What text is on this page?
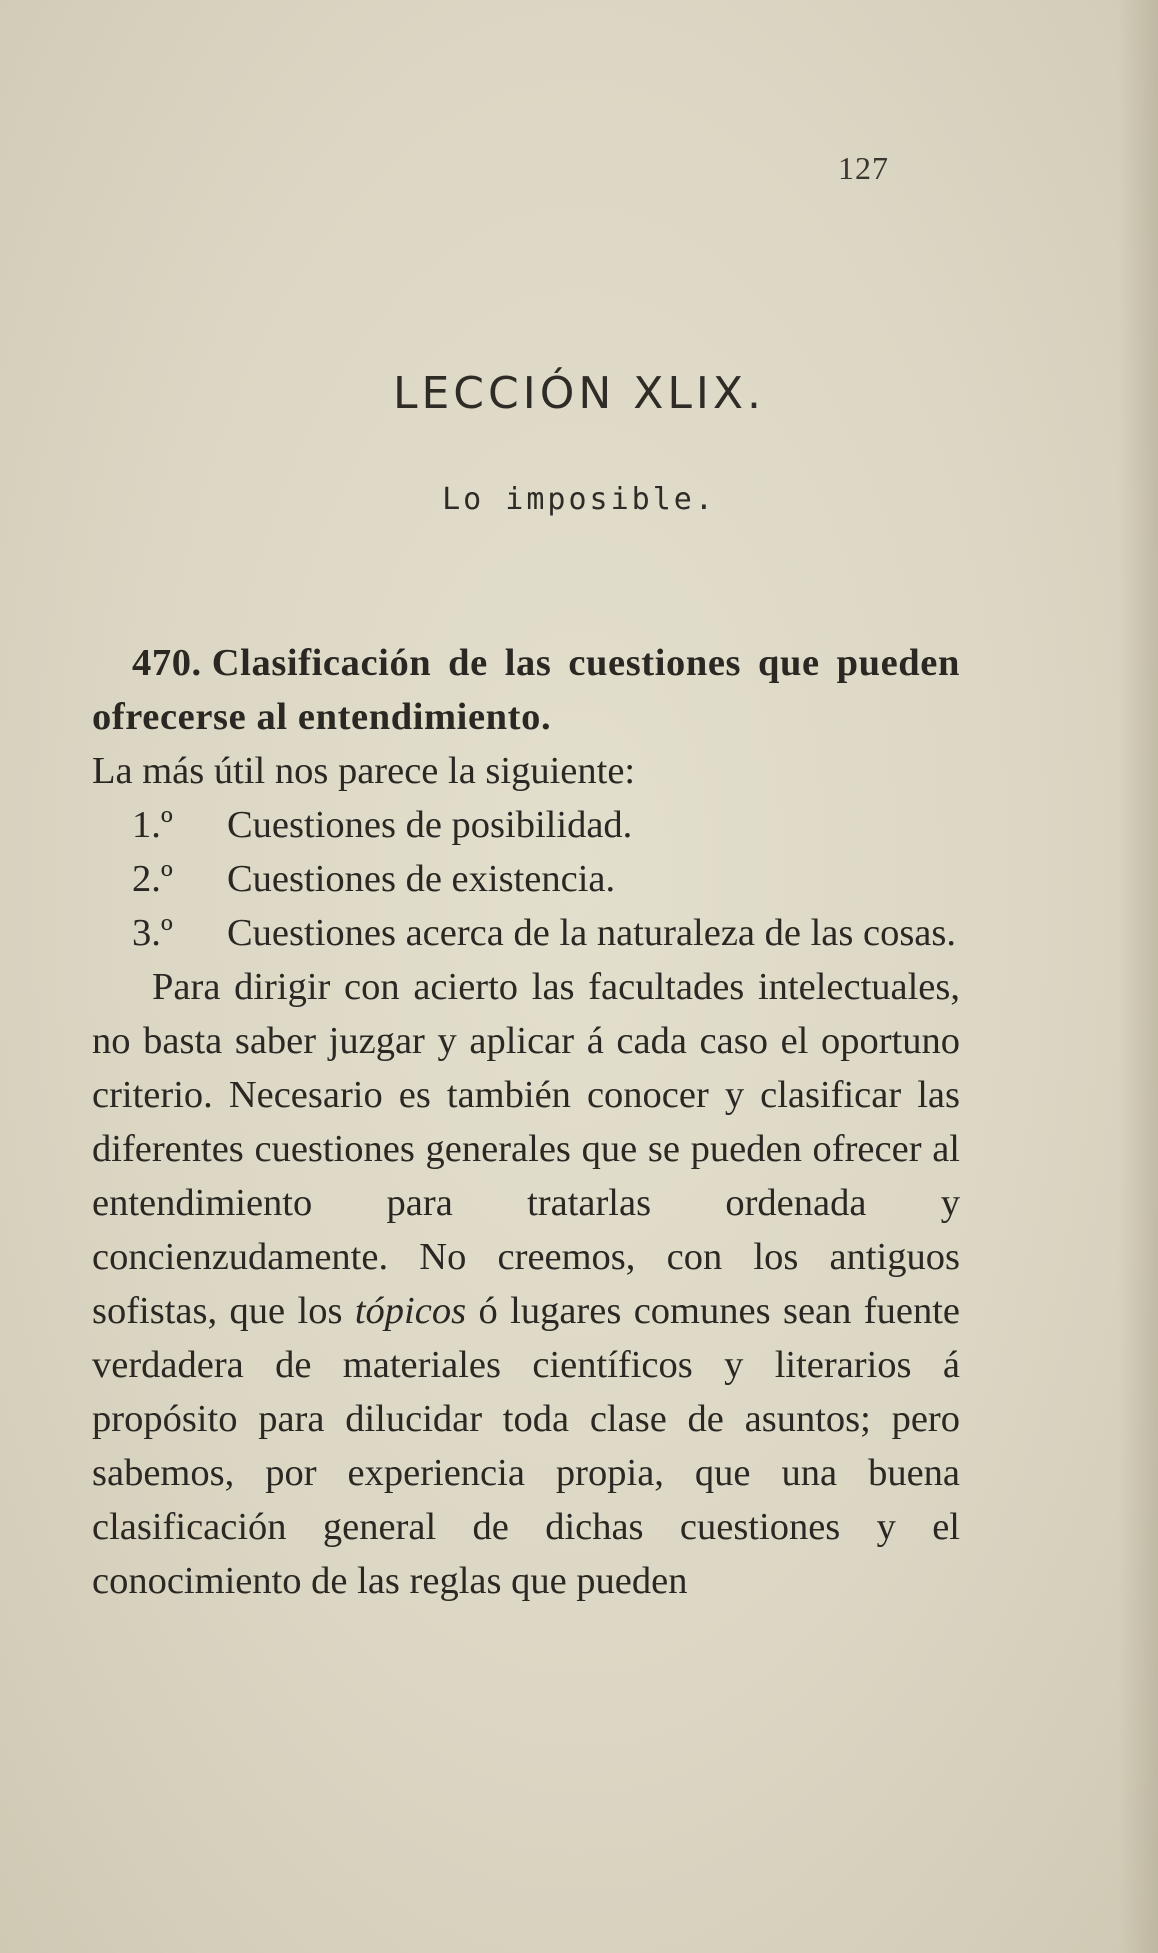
127
LECCIÓN XLIX.
Lo imposible.

470. Clasificación de las cuestiones que pueden ofrecerse al entendimiento.

La más útil nos parece la siguiente:

1.º Cuestiones de posibilidad.

2.º Cuestiones de existencia.

3.º Cuestiones acerca de la naturaleza de las cosas.

Para dirigir con acierto las facultades intelectuales, no basta saber juzgar y aplicar á cada caso el oportuno criterio. Necesario es también conocer y clasificar las diferentes cuestiones generales que se pueden ofrecer al entendimiento para tratarlas ordenada y concienzudamente. No creemos, con los antiguos sofistas, que los tópicos ó lugares comunes sean fuente verdadera de materiales científicos y literarios á propósito para dilucidar toda clase de asuntos; pero sabemos, por experiencia propia, que una buena clasificación general de dichas cuestiones y el conocimiento de las reglas que pueden
